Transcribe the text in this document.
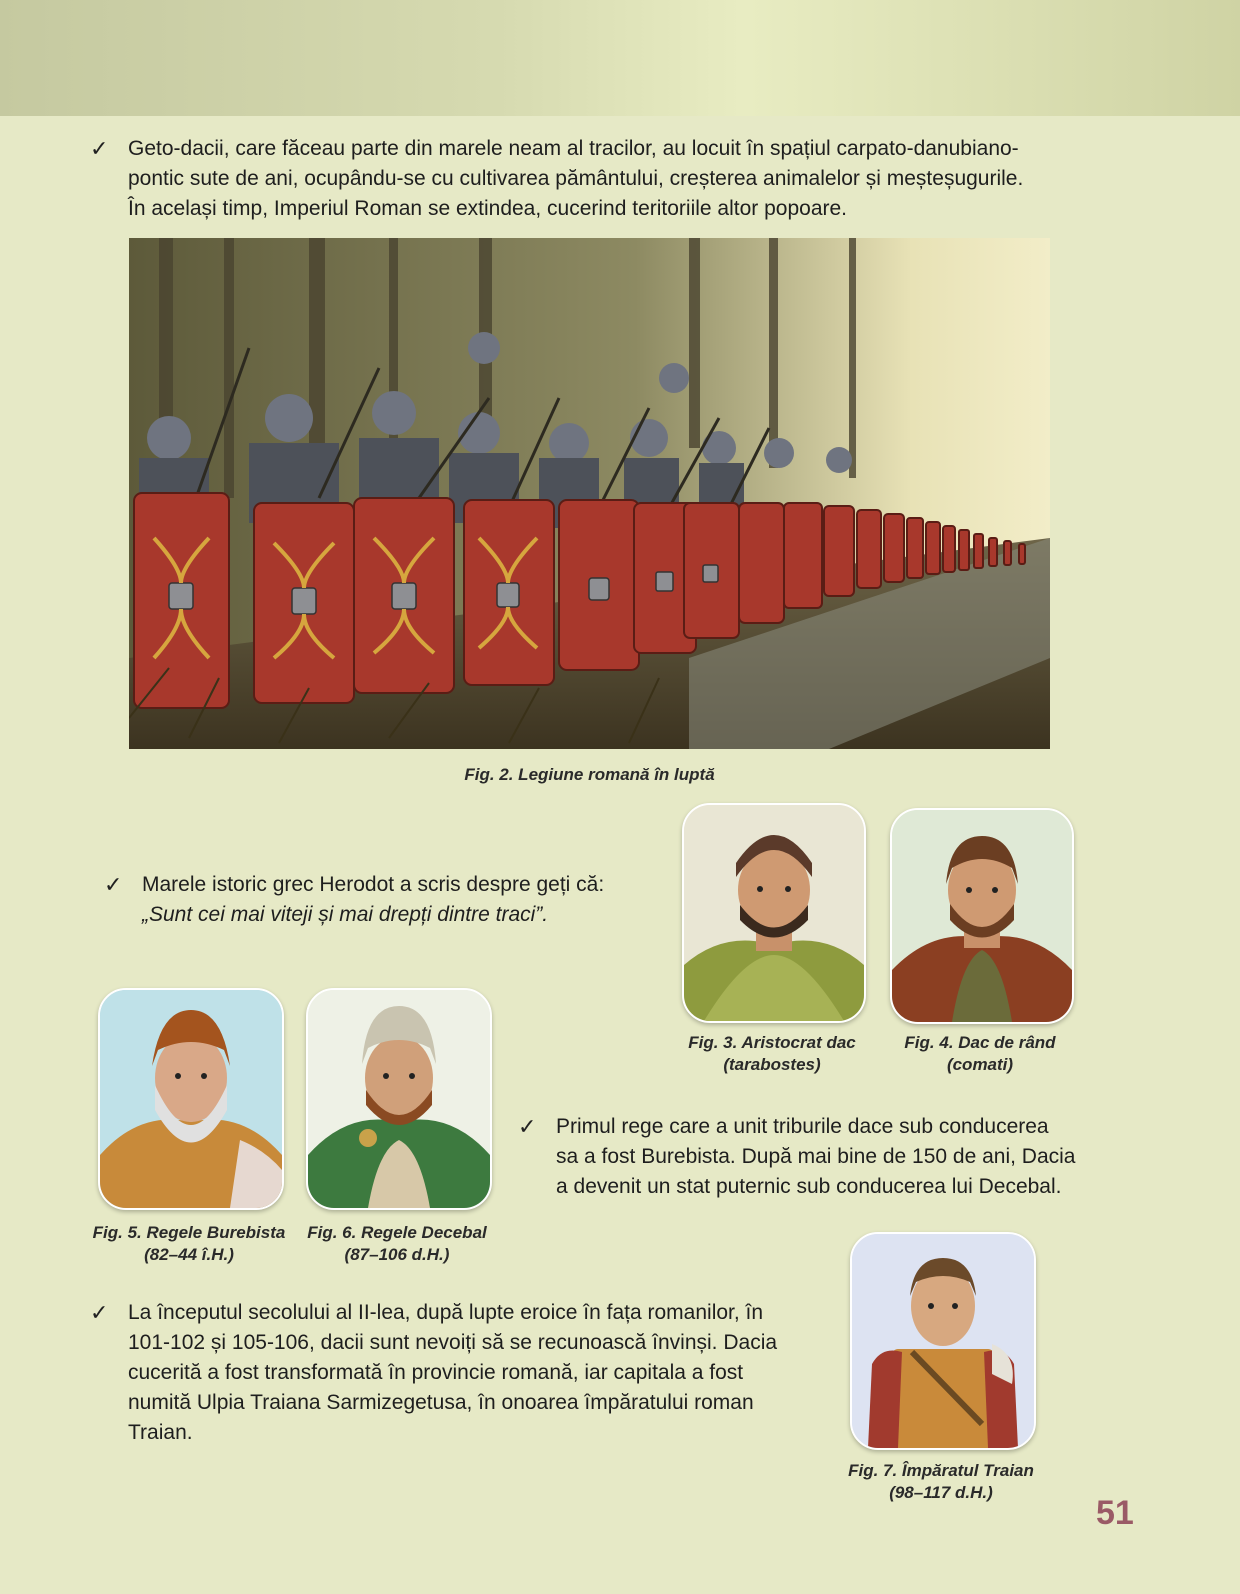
✓ Geto-dacii, care făceau parte din marele neam al tracilor, au locuit în spațiul carpato-danubiano-

pontic sute de ani, ocupându-se cu cultivarea pământului, creșterea animalelor și meșteșugurile.

În același timp, Imperiul Roman se extindea, cucerind teritoriile altor popoare.

Fig. 2. Legiune romană în luptă
✓ Marele istoric grec Herodot a scris despre geți că:

„Sunt cei mai viteji și mai drepți dintre traci”.

Fig. 3. Aristocrat dac
(tarabostes)
Fig. 4. Dac de rând
(comati)
Fig. 5. Regele Burebista
(82–44 î.H.)
Fig. 6. Regele Decebal
(87–106 d.H.)
✓ Primul rege care a unit triburile dace sub conducerea

sa a fost Burebista. După mai bine de 150 de ani, Dacia

a devenit un stat puternic sub conducerea lui Decebal.

✓ La începutul secolului al II-lea, după lupte eroice în fața romanilor, în

101-102 și 105-106, dacii sunt nevoiți să se recunoască învinși. Dacia

cucerită a fost transformată în provincie romană, iar capitala a fost

numită Ulpia Traiana Sarmizegetusa, în onoarea împăratului roman

Traian.

Fig. 7. Împăratul Traian
(98–117 d.H.)
51
